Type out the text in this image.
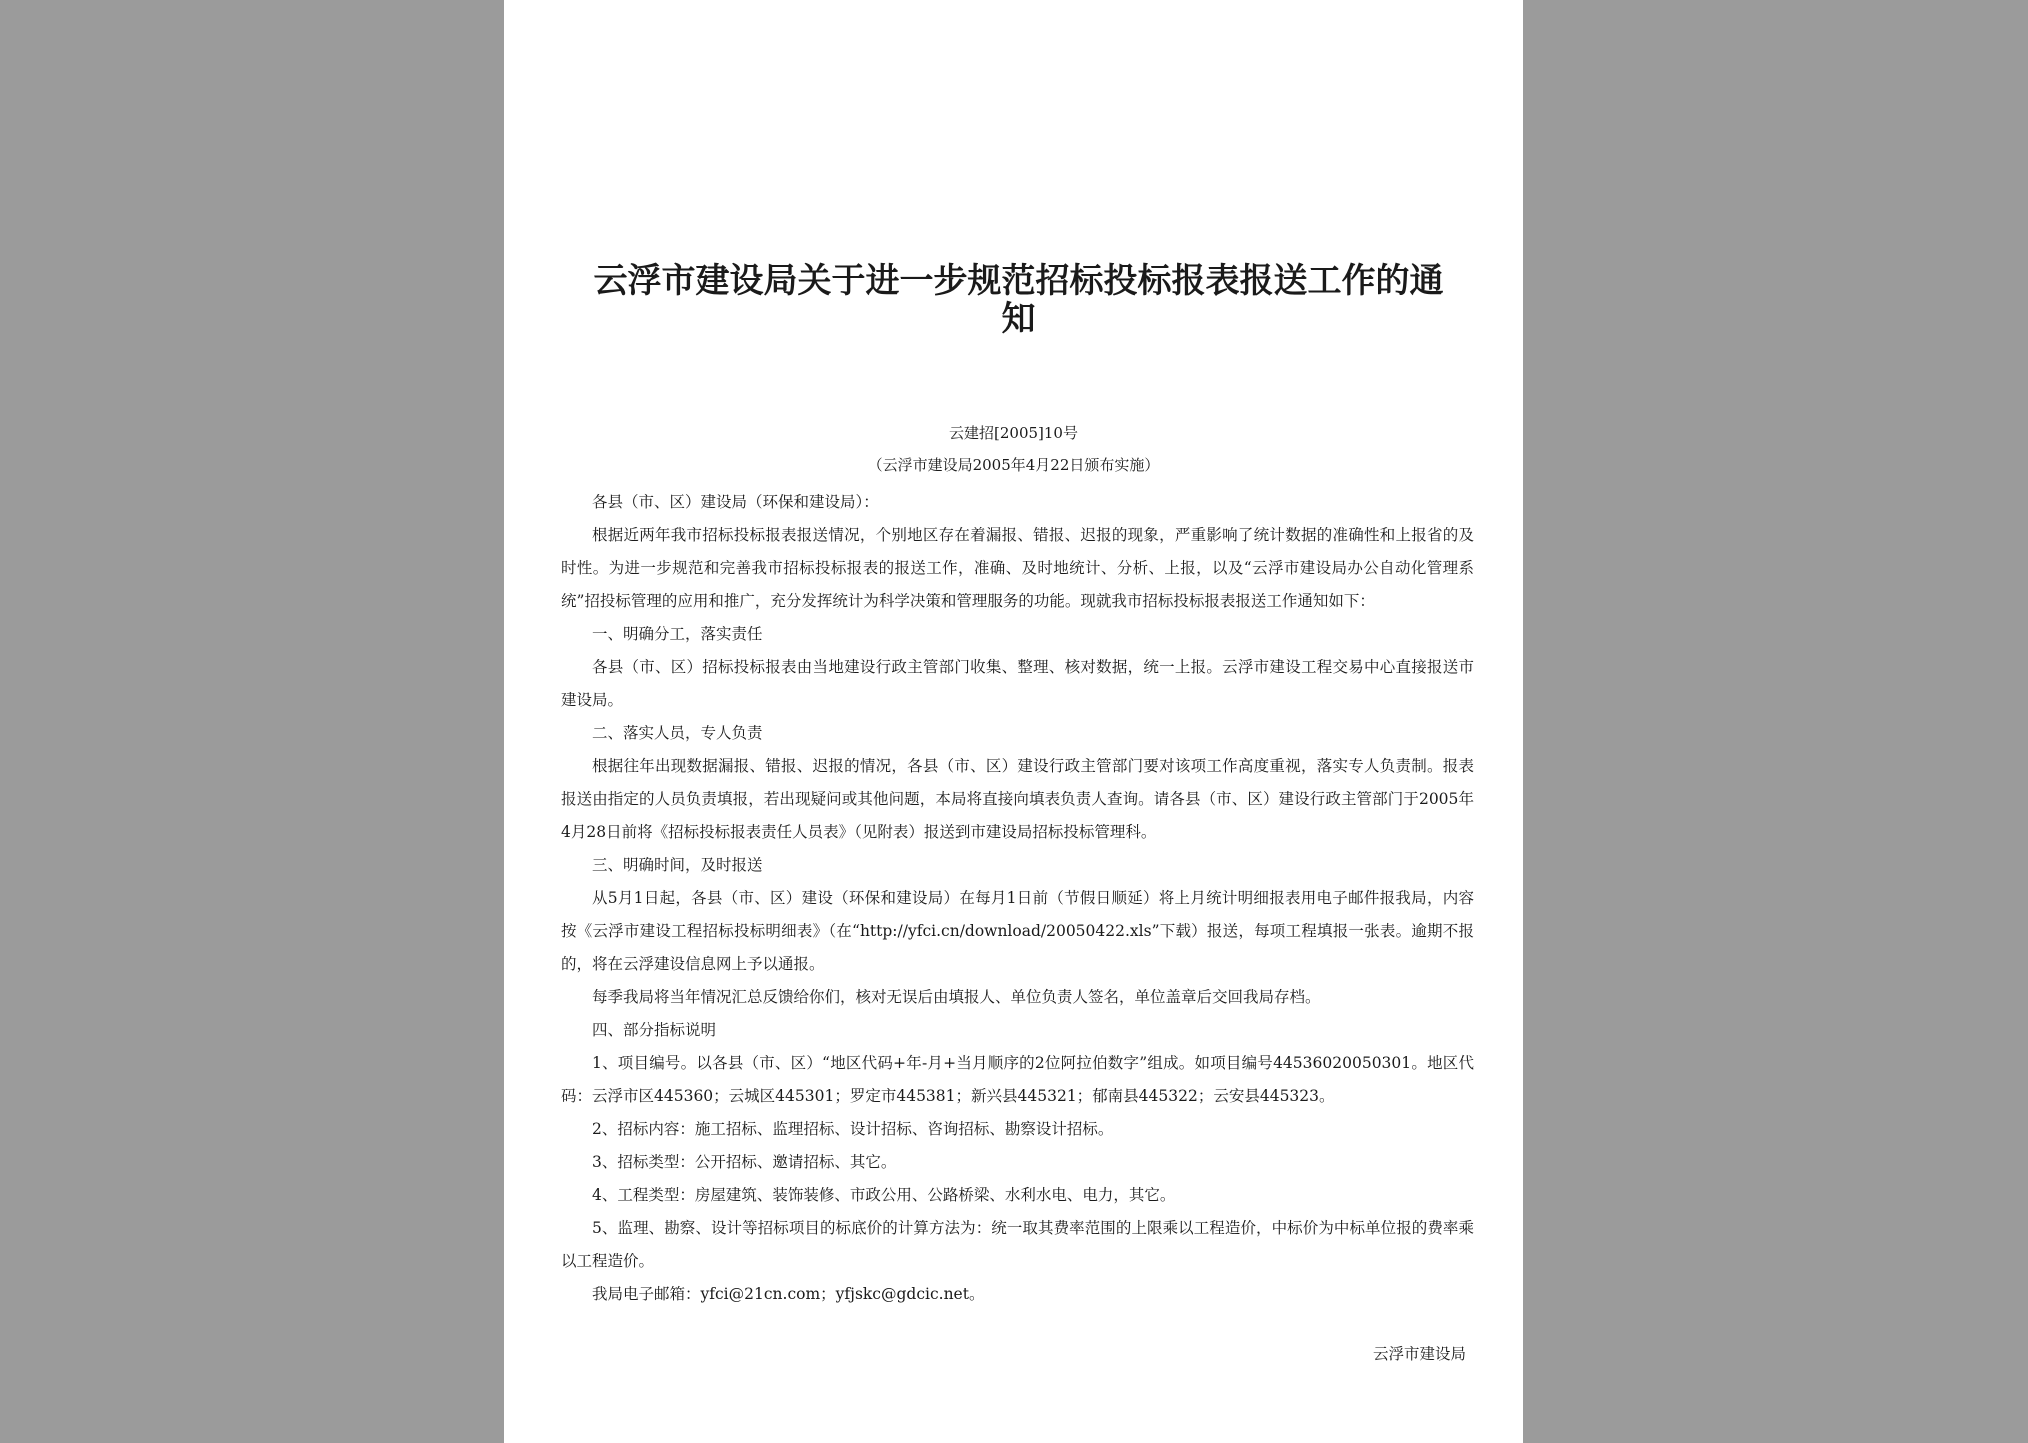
云浮市建设局关于进一步规范招标投标报表报送工作的通知
云建招[2005]10号
（云浮市建设局2005年4月22日颁布实施）

各县（市、区）建设局（环保和建设局）：

根据近两年我市招标投标报表报送情况，个别地区存在着漏报、错报、迟报的现象，严重影响了统计数据的准确性和上报省的及时性。为进一步规范和完善我市招标投标报表的报送工作，准确、及时地统计、分析、上报，以及“云浮市建设局办公自动化管理系统”招投标管理的应用和推广，充分发挥统计为科学决策和管理服务的功能。现就我市招标投标报表报送工作通知如下：

一、明确分工，落实责任

各县（市、区）招标投标报表由当地建设行政主管部门收集、整理、核对数据，统一上报。云浮市建设工程交易中心直接报送市建设局。

二、落实人员，专人负责

根据往年出现数据漏报、错报、迟报的情况，各县（市、区）建设行政主管部门要对该项工作高度重视，落实专人负责制。报表报送由指定的人员负责填报，若出现疑问或其他问题，本局将直接向填表负责人查询。请各县（市、区）建设行政主管部门于2005年4月28日前将《招标投标报表责任人员表》（见附表）报送到市建设局招标投标管理科。

三、明确时间，及时报送

从5月1日起，各县（市、区）建设（环保和建设局）在每月1日前（节假日顺延）将上月统计明细报表用电子邮件报我局，内容按《云浮市建设工程招标投标明细表》（在“http://yfci.cn/download/20050422.xls”下载）报送，每项工程填报一张表。逾期不报的，将在云浮建设信息网上予以通报。

每季我局将当年情况汇总反馈给你们，核对无误后由填报人、单位负责人签名，单位盖章后交回我局存档。

四、部分指标说明

1、项目编号。以各县（市、区）“地区代码+年-月+当月顺序的2位阿拉伯数字”组成。如项目编号44536020050301。地区代码：云浮市区445360；云城区445301；罗定市445381；新兴县445321；郁南县445322；云安县445323。

2、招标内容：施工招标、监理招标、设计招标、咨询招标、勘察设计招标。

3、招标类型：公开招标、邀请招标、其它。

4、工程类型：房屋建筑、装饰装修、市政公用、公路桥梁、水利水电、电力，其它。

5、监理、勘察、设计等招标项目的标底价的计算方法为：统一取其费率范围的上限乘以工程造价，中标价为中标单位报的费率乘以工程造价。

我局电子邮箱：yfci@21cn.com；yfjskc@gdcic.net。

云浮市建设局
